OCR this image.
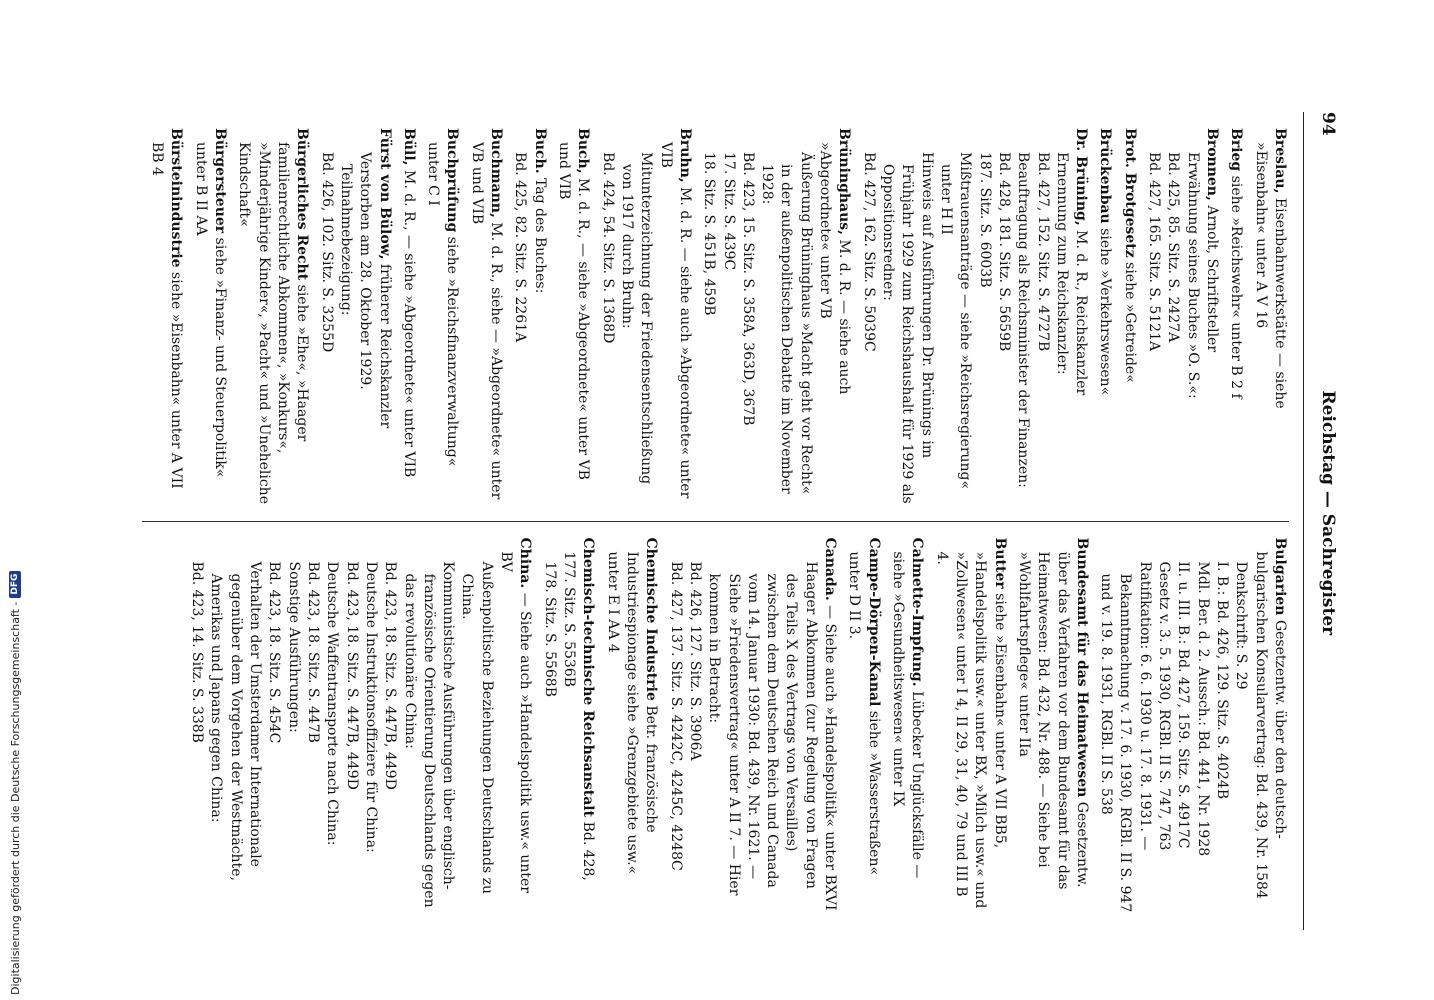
94
Reichstag — Sachregister
Breslau, Eisenbahnwerkstätte — siehe »Eisenbahn« unter A V 16
Brieg siehe »Reichswehr« unter B 2 f
Bronnen, Arnolt, Schriftsteller
Erwähnung seines Buches »O. S.«:
Bd. 425, 85. Sitz. S. 2427A
Bd. 427, 165. Sitz. S. 5121A
Brot. Brotgesetz siehe »Getreide«
Brückenbau siehe »Verkehrswesen«
Dr. Brüning, M. d. R., Reichskanzler
Ernennung zum Reichskanzler:
Bd. 427, 152. Sitz. S. 4727B
Beauftragung als Reichsminister der Finanzen:
Bd. 428, 181. Sitz. S. 5659B
187. Sitz. S. 6003B
Mißtrauensanträge — siehe »Reichsregierung« unter H II
Hinweis auf Ausführungen Dr. Brünings im Frühjahr 1929 zum Reichshaushalt für 1929 als Oppositionsredner:
Bd. 427, 162. Sitz. S. 5039C
Brüninghaus, M. d. R. — siehe auch »Abgeordnete« unter VB
Äußerung Brüninghaus »Macht geht vor Recht« in der außenpolitischen Debatte im November 1928:
Bd. 423, 15. Sitz. S. 358A, 363D, 367B
17. Sitz. S. 439C
18. Sitz. S. 451B, 459B
Bruhn, M. d. R. — siehe auch »Abgeordnete« unter VIB
Mitunterzeichnung der Friedensentschließung von 1917 durch Bruhn:
Bd. 424, 54. Sitz. S. 1368D
Buch, M. d. R., — siehe »Abgeordnete« unter VB und VIB
Buch. Tag des Buches:
Bd. 425, 82. Sitz. S. 2261A
Buchmann, M. d. R., siehe — »Abgeordnete« unter VB und VIB
Buchprüfung siehe »Reichsfinanzverwaltung« unter C I
Büll, M. d. R., — siehe »Abgeordnete« unter VIB
Fürst von Bülow, früherer Reichskanzler
Verstorben am 28. Oktober 1929. Teilnahmebezeigung:
Bd. 426, 102. Sitz. S. 3255D
Bürgerliches Recht siehe »Ehe«, »Haager familienrechtliche Abkommen«, »Konkurs«, »Minderjährige Kinder«, »Pacht« und »Uneheliche Kindschaft«
Bürgersteuer siehe »Finanz- und Steuerpolitik« unter B II AA
Bürsteinindustrie siehe »Eisenbahn« unter A VII BB 4
Bulgarien Gesetzentw. über den deutsch-bulgarischen Konsularvertrag: Bd. 439, Nr. 1584
Denkschrift: S. 29
I. B.: Bd. 426, 129. Sitz. S. 4024B
Mdl. Ber. d. 2. Aussch.: Bd. 441, Nr. 1928
II. u. III. B.: Bd. 427, 159. Sitz. S. 4917C
Gesetz v. 3. 5. 1930, RGBl. II S. 747, 763
Ratifikation: 6. 6. 1930 u. 17. 8. 1931. — Bekanntmachung v. 17. 6. 1930, RGBl. II S. 947 und v. 19. 8. 1931, RGBl. II S. 538
Bundesamt für das Heimatwesen Gesetzentw. über das Verfahren vor dem Bundesamt für das Heimatwesen: Bd. 432, Nr. 488. — Siehe bei »Wohlfahrtspflege« unter IIa
Butter siehe »Eisenbahn« unter A VII BB5, »Handelspolitik usw.« unter BX, »Milch usw.« und »Zollwesen« unter I 4, II 29, 31, 40, 79 und III B 4.
Calmette-Impfung. Lübecker Unglücksfälle — siehe »Gesundheitswesen« unter IX
Campe-Dörpen-Kanal siehe »Wasserstraßen« unter D II 3.
Canada. — Siehe auch »Handelspolitik« unter BXVI
Haager Abkommen (zur Regelung von Fragen des Teils X des Vertrags von Versailles) zwischen dem Deutschen Reich und Canada vom 14. Januar 1930: Bd. 439, Nr. 1621. — Siehe »Friedensvertrag« unter A II 7. — Hier kommen in Betracht:
Bd. 426, 127. Sitz. S. 3906A
Bd. 427, 137. Sitz. S. 4242C, 4245C, 4248C
Chemische Industrie Betr. französische Industriespionage siehe »Grenzgebiete usw.« unter E I AA 4
Chemisch-technische Reichsanstalt Bd. 428, 177. Sitz. S. 5536B
178. Sitz. S. 5568B
China. — Siehe auch »Handelspolitik usw.« unter BV
Außenpolitische Beziehungen Deutschlands zu China.
Kommunistische Ausführungen über englisch-französische Orientierung Deutschlands gegen das revolutionäre China:
Bd. 423, 18. Sitz. S. 447B, 449D
Deutsche Instruktionsoffiziere für China:
Bd. 423, 18. Sitz. S. 447B, 449D
Deutsche Waffentransporte nach China:
Bd. 423, 18. Sitz. S. 447B
Sonstige Ausführungen:
Bd. 423, 18. Sitz. S. 454C
Verhalten der Umsterdamer Internationale gegenüber dem Vorgehen der Westmächte, Amerikas und Japans gegen China:
Bd. 423, 14. Sitz. S. 338B
Digitalisierung gefördert durch die Deutsche Forschungsgemeinschaft -
DFG
